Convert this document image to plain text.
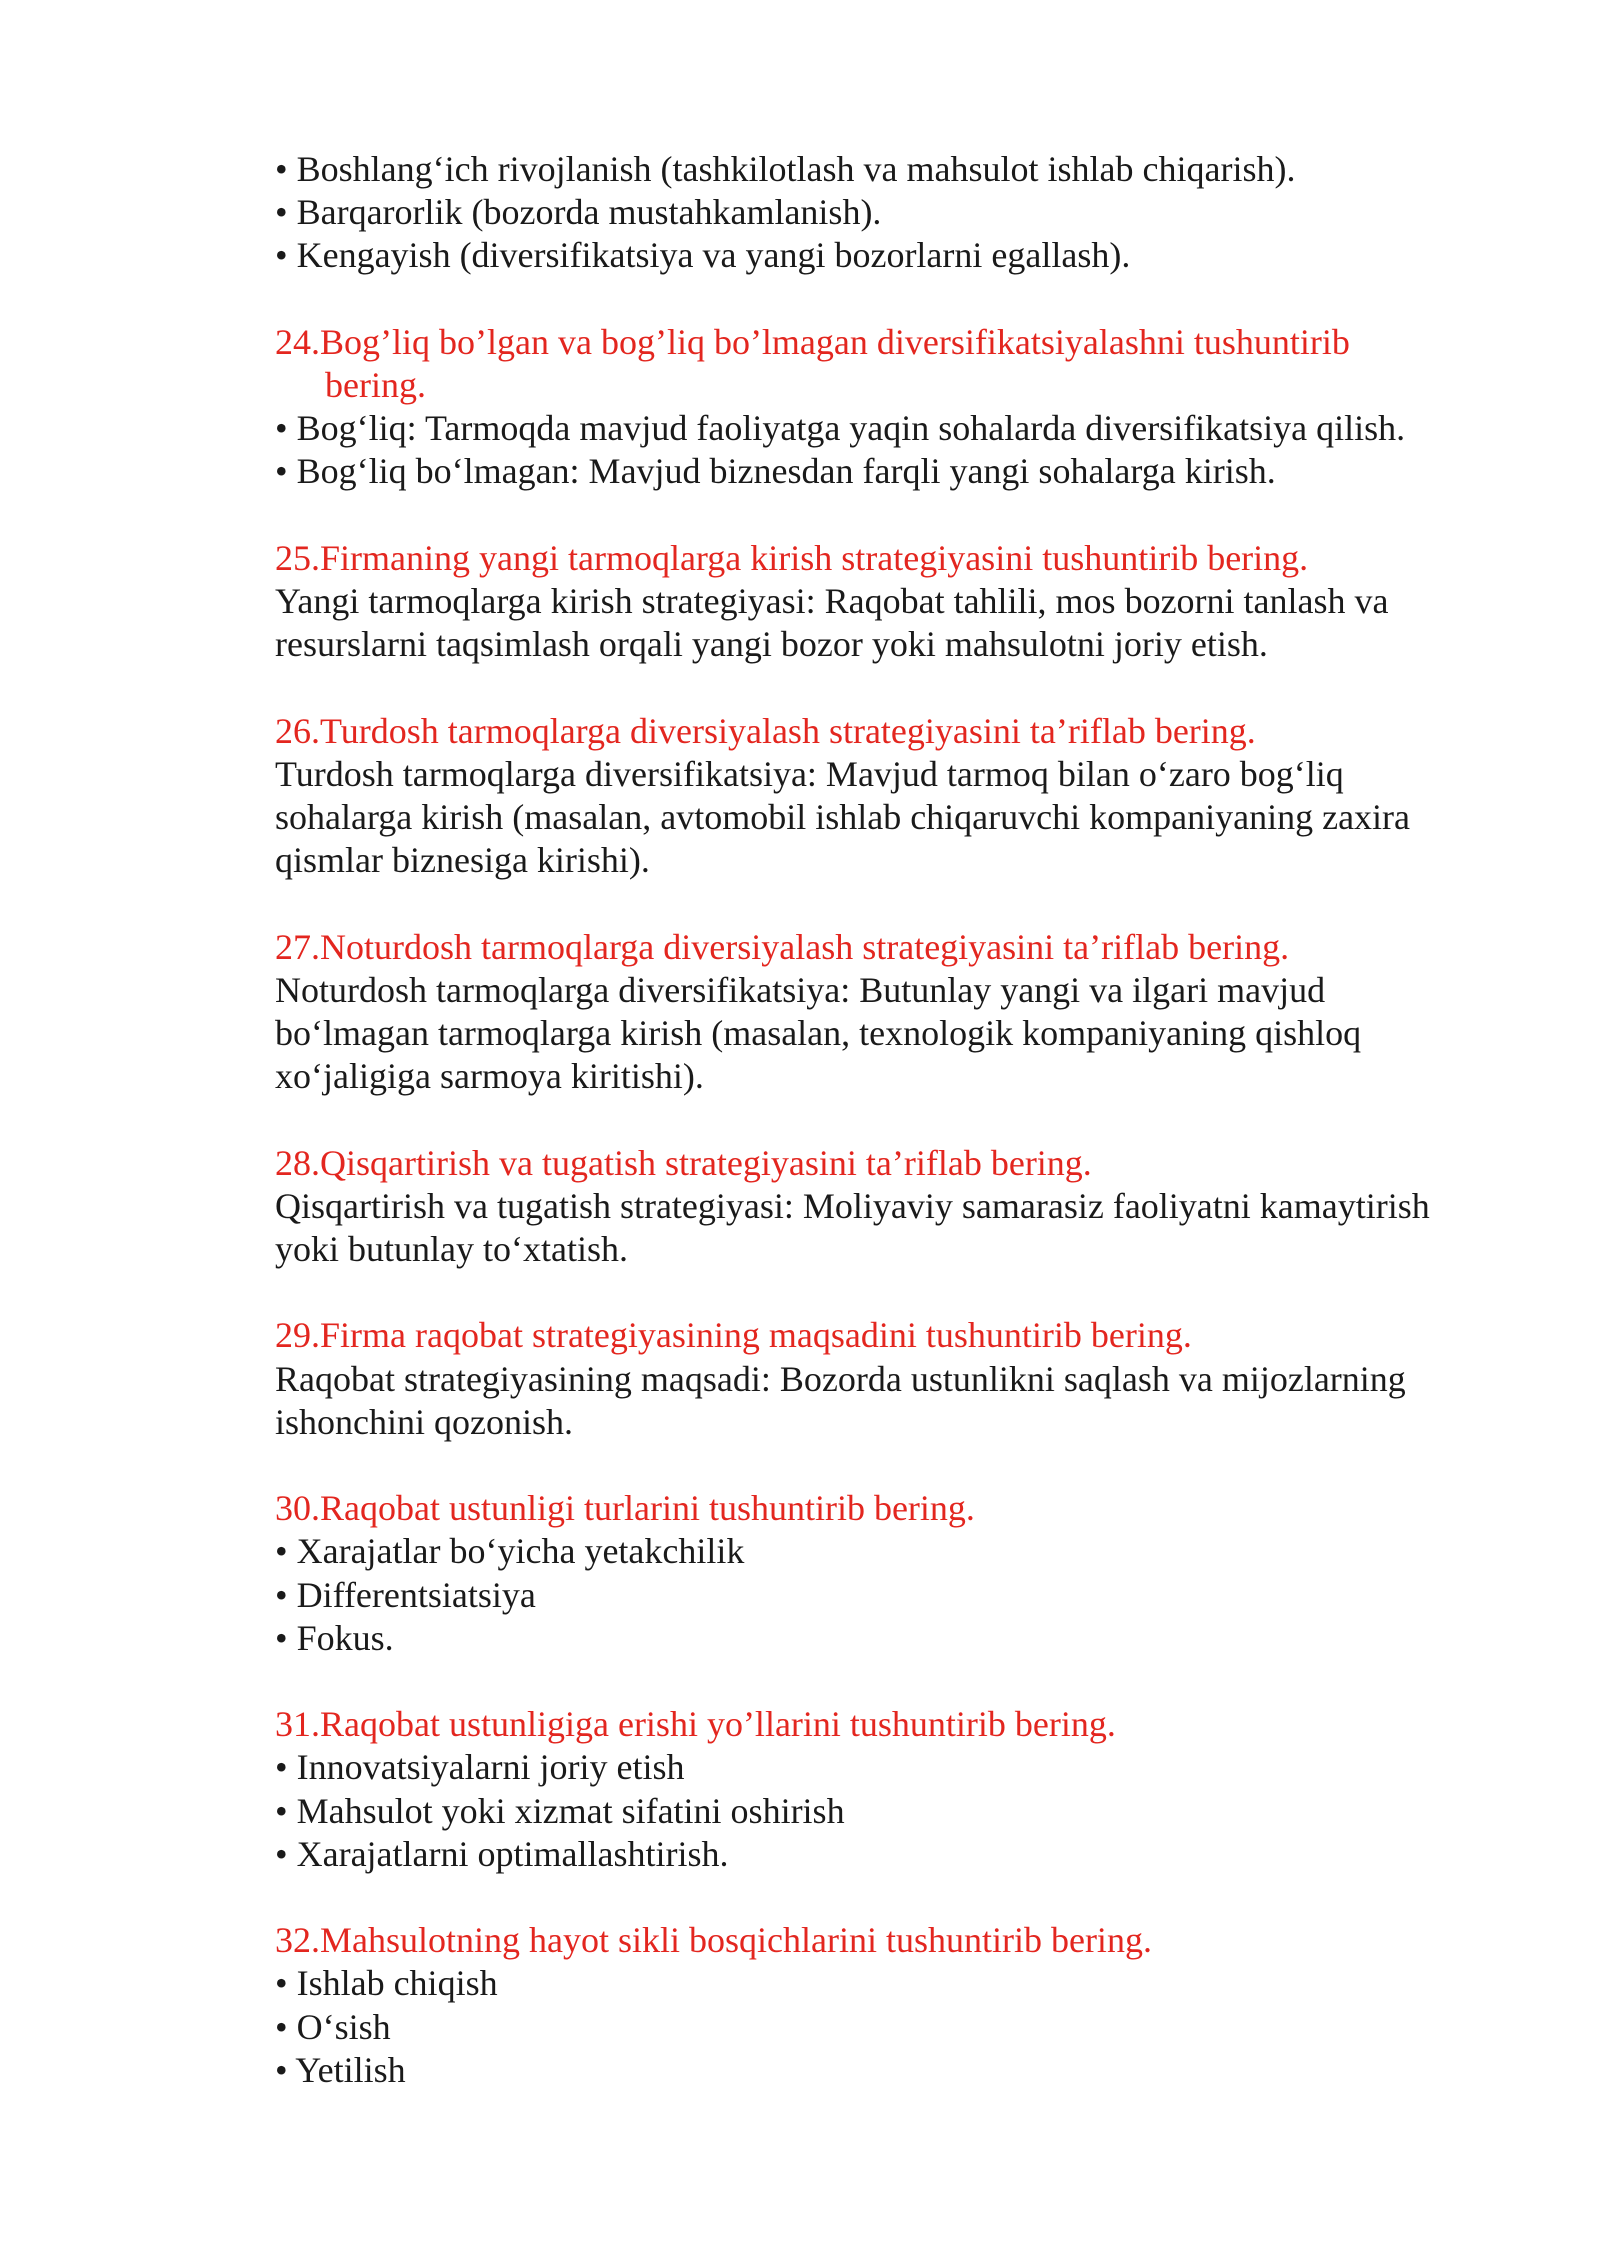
• Boshlang‘ich rivojlanish (tashkilotlash va mahsulot ishlab chiqarish).

• Barqarorlik (bozorda mustahkamlanish).

• Kengayish (diversifikatsiya va yangi bozorlarni egallash).

24.Bog’liq bo’lgan va bog’liq bo’lmagan diversifikatsiyalashni tushuntirib
bering.

• Bog‘liq: Tarmoqda mavjud faoliyatga yaqin sohalarda diversifikatsiya qilish.

• Bog‘liq bo‘lmagan: Mavjud biznesdan farqli yangi sohalarga kirish.

25.Firmaning yangi tarmoqlarga kirish strategiyasini tushuntirib bering.

Yangi tarmoqlarga kirish strategiyasi: Raqobat tahlili, mos bozorni tanlash va

resurslarni taqsimlash orqali yangi bozor yoki mahsulotni joriy etish.

26.Turdosh tarmoqlarga diversiyalash strategiyasini ta’riflab bering.

Turdosh tarmoqlarga diversifikatsiya: Mavjud tarmoq bilan o‘zaro bog‘liq

sohalarga kirish (masalan, avtomobil ishlab chiqaruvchi kompaniyaning zaxira

qismlar biznesiga kirishi).

27.Noturdosh tarmoqlarga diversiyalash strategiyasini ta’riflab bering.

Noturdosh tarmoqlarga diversifikatsiya: Butunlay yangi va ilgari mavjud

bo‘lmagan tarmoqlarga kirish (masalan, texnologik kompaniyaning qishloq

xo‘jaligiga sarmoya kiritishi).

28.Qisqartirish va tugatish strategiyasini ta’riflab bering.

Qisqartirish va tugatish strategiyasi: Moliyaviy samarasiz faoliyatni kamaytirish

yoki butunlay to‘xtatish.

29.Firma raqobat strategiyasining maqsadini tushuntirib bering.

Raqobat strategiyasining maqsadi: Bozorda ustunlikni saqlash va mijozlarning

ishonchini qozonish.

30.Raqobat ustunligi turlarini tushuntirib bering.

• Xarajatlar bo‘yicha yetakchilik

• Differentsiatsiya

• Fokus.

31.Raqobat ustunligiga erishi yo’llarini tushuntirib bering.

• Innovatsiyalarni joriy etish

• Mahsulot yoki xizmat sifatini oshirish

• Xarajatlarni optimallashtirish.

32.Mahsulotning hayot sikli bosqichlarini tushuntirib bering.

• Ishlab chiqish

• O‘sish

• Yetilish
